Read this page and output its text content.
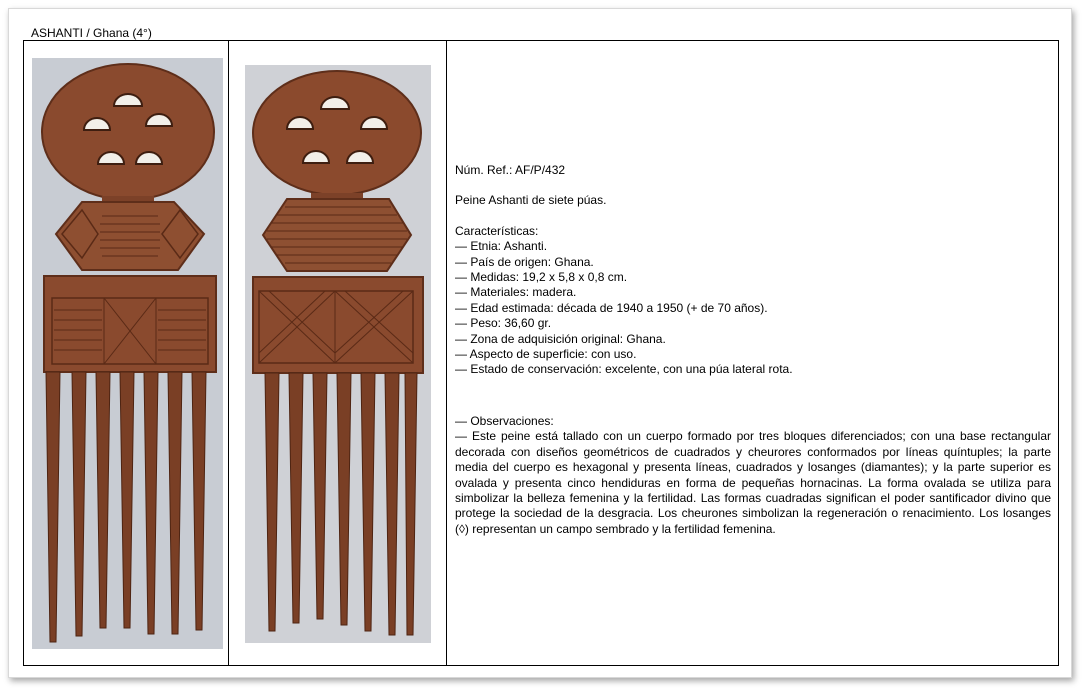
ASHANTI / Ghana (4°)

Núm. Ref.: AF/P/432

Peine Ashanti de siete púas.

Características:

— Etnia: Ashanti.

— País de origen: Ghana.

— Medidas: 19,2 x 5,8 x 0,8 cm.

— Materiales: madera.

— Edad estimada: década de 1940 a 1950 (+ de 70 años).

— Peso: 36,60 gr.

— Zona de adquisición original: Ghana.

— Aspecto de superficie: con uso.

— Estado de conservación: excelente, con una púa lateral rota.

— Observaciones:

— Este peine está tallado con un cuerpo formado por tres bloques diferenciados; con una base rectangular decorada con diseños geométricos de cuadrados y cheurores conformados por líneas quíntuples; la parte media del cuerpo es hexagonal y presenta líneas, cuadrados y losanges (diamantes); y la parte superior es ovalada y presenta cinco hendiduras en forma de pequeñas hornacinas. La forma ovalada se utiliza para simbolizar la belleza femenina y la fertilidad. Las formas cuadradas significan el poder santificador divino que protege la sociedad de la desgracia. Los cheurones simbolizan la regeneración o renacimiento. Los losanges (◊) representan un campo sembrado y la fertilidad femenina.
